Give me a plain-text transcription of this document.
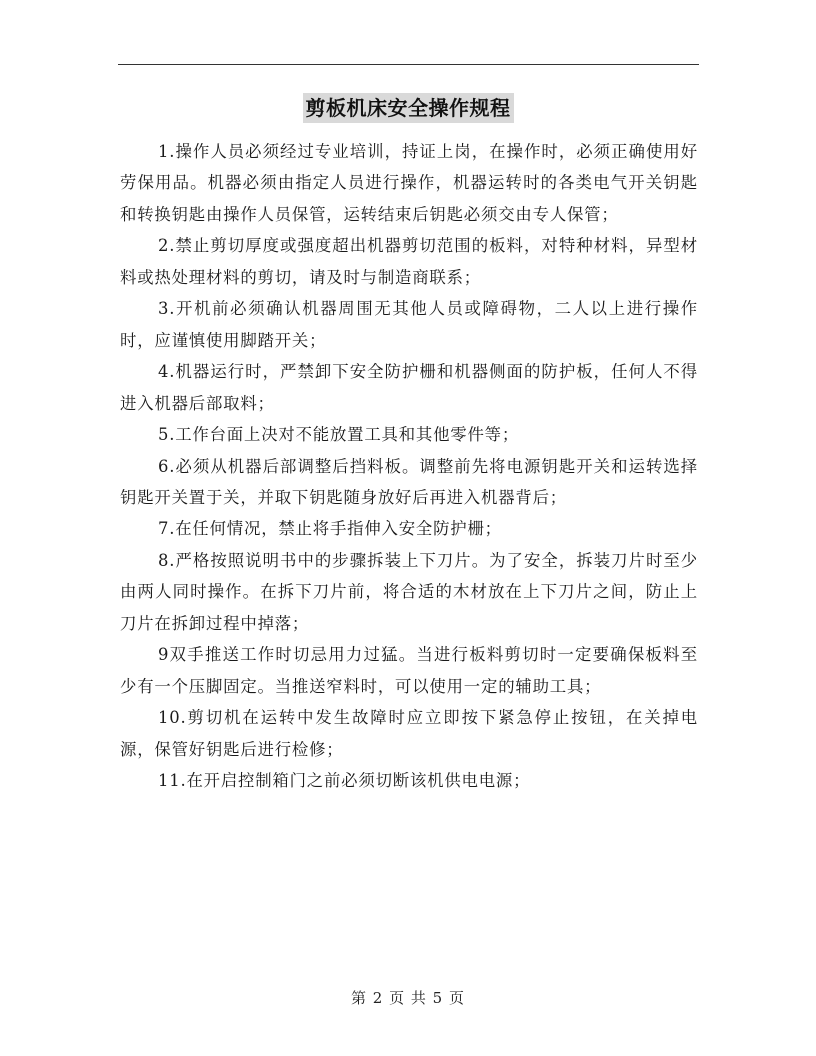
剪板机床安全操作规程

1.操作人员必须经过专业培训，持证上岗，在操作时，必须正确使用好劳保用品。机器必须由指定人员进行操作，机器运转时的各类电气开关钥匙和转换钥匙由操作人员保管，运转结束后钥匙必须交由专人保管；

2.禁止剪切厚度或强度超出机器剪切范围的板料，对特种材料，异型材料或热处理材料的剪切，请及时与制造商联系；

3.开机前必须确认机器周围无其他人员或障碍物，二人以上进行操作时，应谨慎使用脚踏开关；

4.机器运行时，严禁卸下安全防护栅和机器侧面的防护板，任何人不得进入机器后部取料；

5.工作台面上决对不能放置工具和其他零件等；

6.必须从机器后部调整后挡料板。调整前先将电源钥匙开关和运转选择钥匙开关置于关，并取下钥匙随身放好后再进入机器背后；

7.在任何情况，禁止将手指伸入安全防护栅；

8.严格按照说明书中的步骤拆装上下刀片。为了安全，拆装刀片时至少由两人同时操作。在拆下刀片前，将合适的木材放在上下刀片之间，防止上刀片在拆卸过程中掉落；

9双手推送工作时切忌用力过猛。当进行板料剪切时一定要确保板料至少有一个压脚固定。当推送窄料时，可以使用一定的辅助工具；

10.剪切机在运转中发生故障时应立即按下紧急停止按钮，在关掉电源，保管好钥匙后进行检修；

11.在开启控制箱门之前必须切断该机供电电源；

第 2 页 共 5 页
